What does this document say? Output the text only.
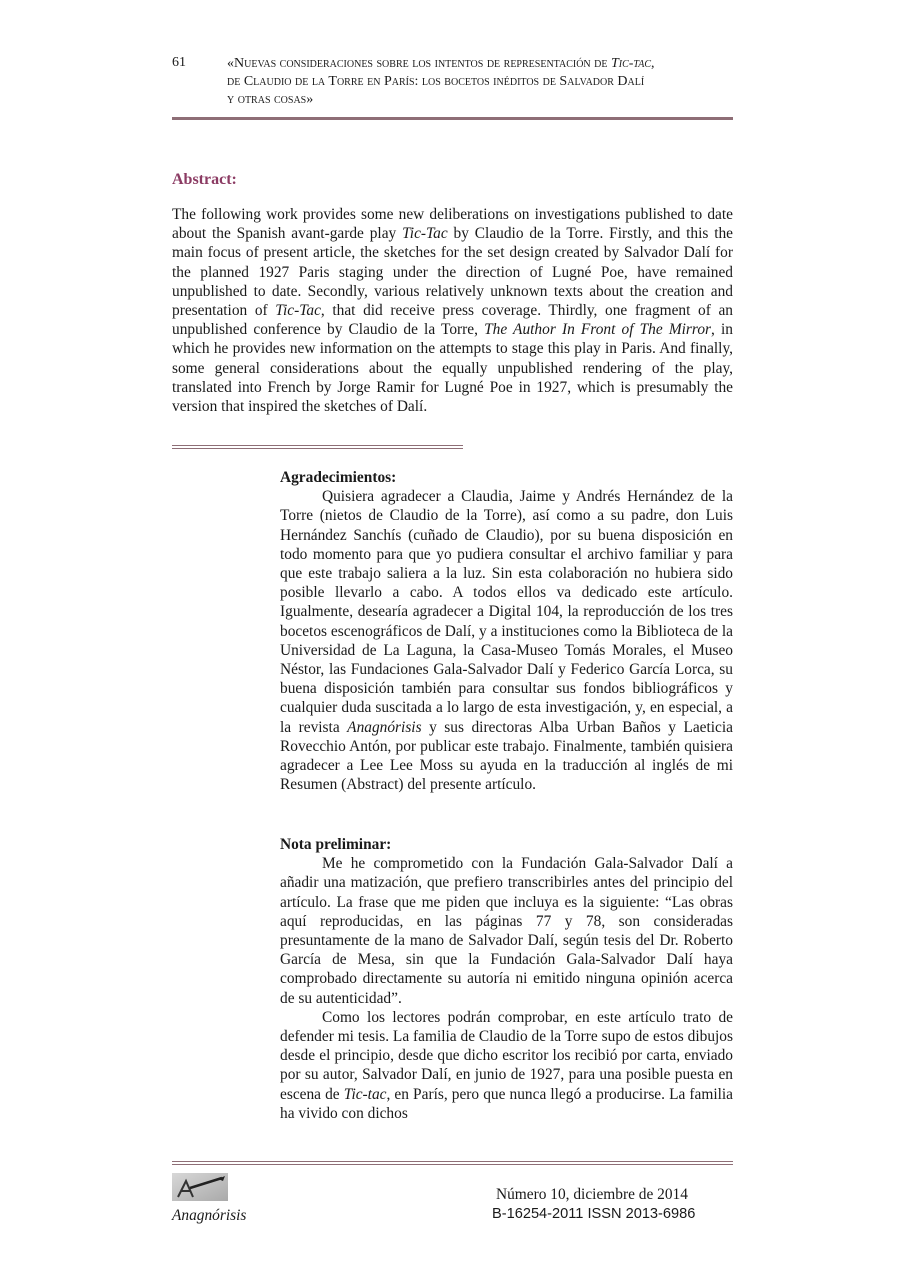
61	«Nuevas consideraciones sobre los intentos de representación de Tic-tac,
de Claudio de la Torre en París: los bocetos inéditos de Salvador Dalí
y otras cosas»
Abstract:
The following work provides some new deliberations on investigations published to date about the Spanish avant-garde play Tic-Tac by Claudio de la Torre. Firstly, and this the main focus of present article, the sketches for the set design created by Salvador Dalí for the planned 1927 Paris staging under the direction of Lugné Poe, have remained unpublished to date. Secondly, various relatively unknown texts about the creation and presentation of Tic-Tac, that did receive press coverage. Thirdly, one fragment of an unpublished conference by Claudio de la Torre, The Author In Front of The Mirror, in which he provides new information on the attempts to stage this play in Paris. And finally, some general considerations about the equally unpublished rendering of the play, translated into French by Jorge Ramir for Lugné Poe in 1927, which is presumably the version that inspired the sketches of Dalí.
Agradecimientos:

Quisiera agradecer a Claudia, Jaime y Andrés Hernández de la Torre (nietos de Claudio de la Torre), así como a su padre, don Luis Hernández Sanchís (cuñado de Claudio), por su buena disposición en todo momento para que yo pudiera consultar el archivo familiar y para que este trabajo saliera a la luz. Sin esta colaboración no hubiera sido posible llevarlo a cabo. A todos ellos va dedicado este artículo. Igualmente, desearía agradecer a Digital 104, la reproducción de los tres bocetos escenográficos de Dalí, y a instituciones como la Biblioteca de la Universidad de La Laguna, la Casa-Museo Tomás Morales, el Museo Néstor, las Fundaciones Gala-Salvador Dalí y Federico García Lorca, su buena disposición también para consultar sus fondos bibliográficos y cualquier duda suscitada a lo largo de esta investigación, y, en especial, a la revista Anagnórisis y sus directoras Alba Urban Baños y Laeticia Rovecchio Antón, por publicar este trabajo. Finalmente, también quisiera agradecer a Lee Lee Moss su ayuda en la traducción al inglés de mi Resumen (Abstract) del presente artículo.

Nota preliminar:

Me he comprometido con la Fundación Gala-Salvador Dalí a añadir una matización, que prefiero transcribirles antes del principio del artículo. La frase que me piden que incluya es la siguiente: “Las obras aquí reproducidas, en las páginas 77 y 78, son consideradas presuntamente de la mano de Salvador Dalí, según tesis del Dr. Roberto García de Mesa, sin que la Fundación Gala-Salvador Dalí haya comprobado directamente su autoría ni emitido ninguna opinión acerca de su autenticidad”.

Como los lectores podrán comprobar, en este artículo trato de defender mi tesis. La familia de Claudio de la Torre supo de estos dibujos desde el principio, desde que dicho escritor los recibió por carta, enviado por su autor, Salvador Dalí, en junio de 1927, para una posible puesta en escena de Tic-tac, en París, pero que nunca llegó a producirse. La familia ha vivido con dichos

Anagnórisis
Número 10, diciembre de 2014
B-16254-2011 ISSN 2013-6986
